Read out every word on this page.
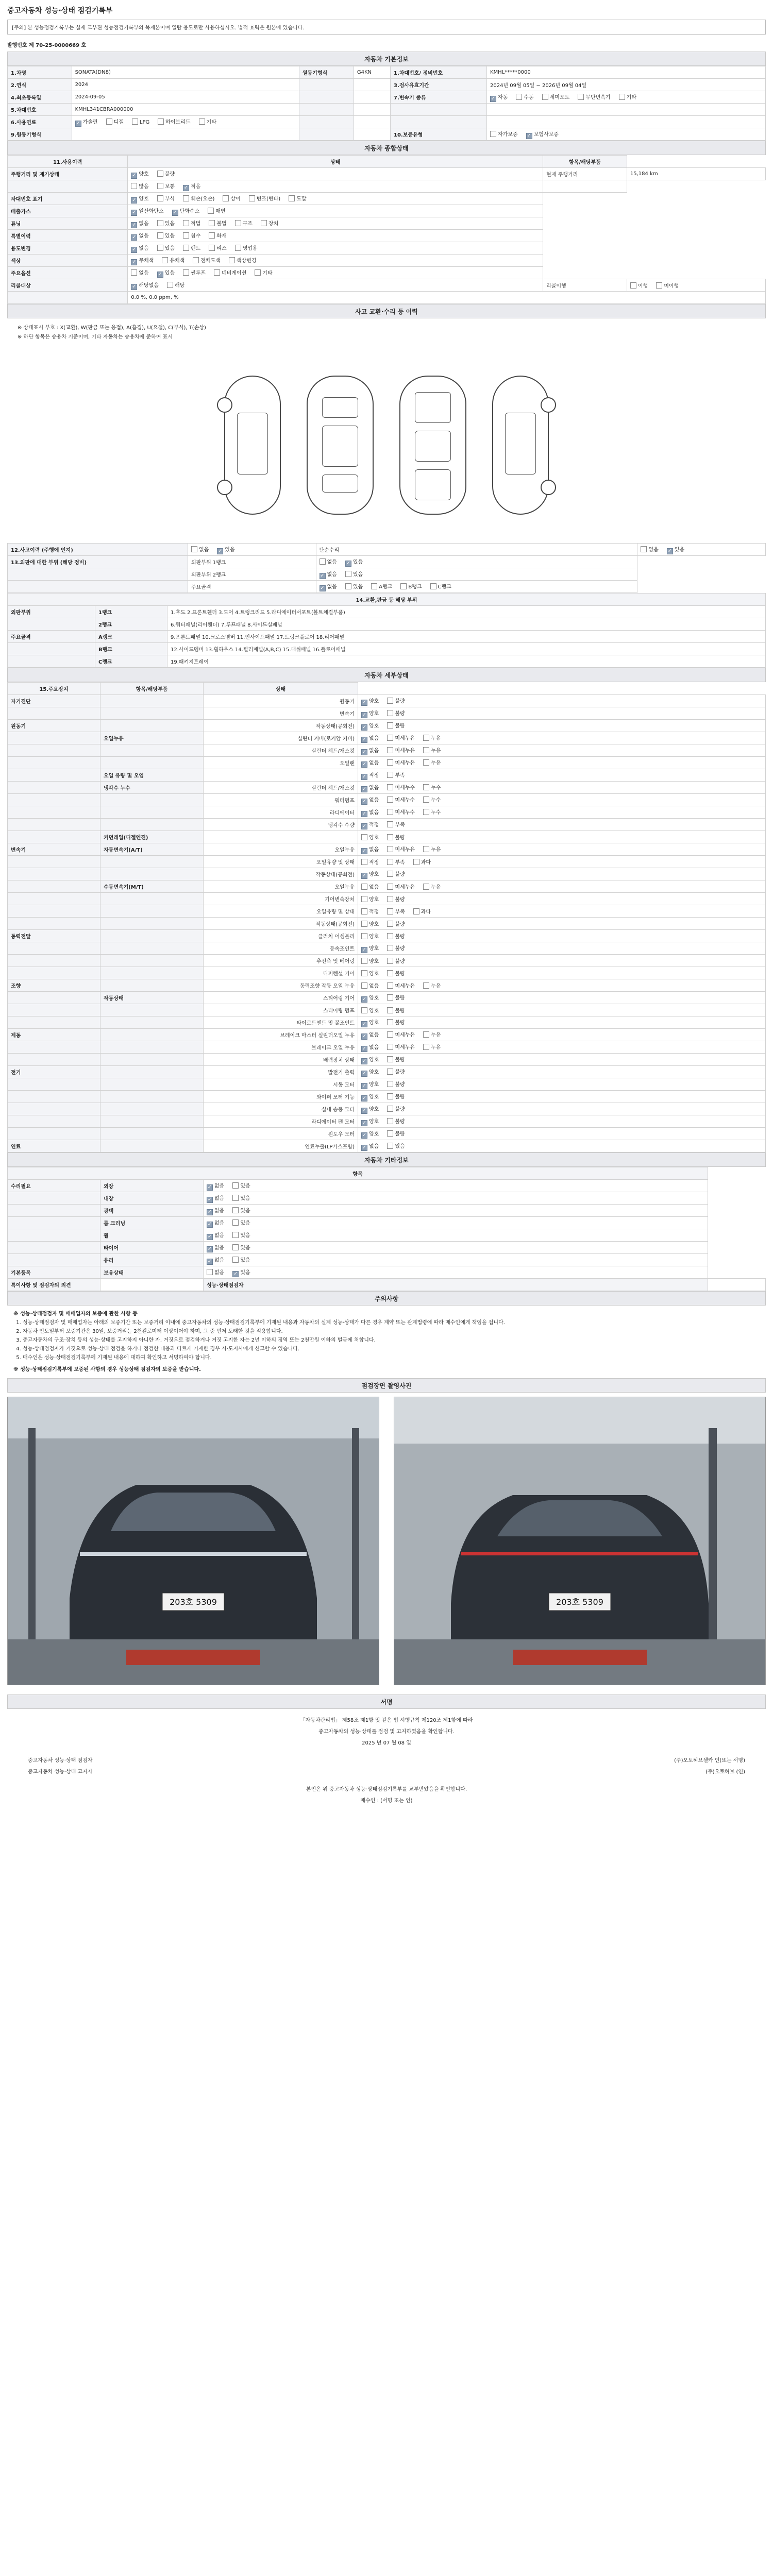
중고자동차 성능·상태 점검기록부
[주의] 본 성능점검기록부는 실제 교부된 성능점검기록부의 복제본이며 열람 용도로만 사용하십시오. 법적 효력은 원본에 있습니다.
발행번호 제 70-25-0000669 호
자동차 기본정보
1.차명	SONATA(DN8)	원동기형식	G4KN	1.차대번호/ 정비번호	KMHL*****0000
2.연식	2024			3.검사유효기간	2024년 09월 05일 ~ 2026년 09월 04일
4.최초등록일	2024-09-05			7.변속기 종류	✓ 자동 수동 세미오토 무단변속기 기타
5.차대번호	KMHL341CBRA000000				
6.사용연료	✓ 가솔린 디젤 LPG 하이브리드 기타				
9.원동기형식				10.보증유형	자가보증 ✓ 보험사보증
자동차 종합상태
11.사용이력	상태	항목/해당부품	
주행거리 및 계기상태	✓ 양호 불량	현재 주행거리	15,184 km
	많음 보통 ✓ 적음		
차대번호 표기	✓ 양호 부식 훼손(오손) 상이 변조(변타) 도말		
배출가스	✓ 일산화탄소 ✓ 탄화수소 매연		
튜닝	✓ 없음 있음 적법 불법 구조 장치		
특별이력	✓ 없음 있음 침수 화재		
용도변경	✓ 없음 있음 렌트 리스 영업용		
색상	✓ 무채색 유채색 전체도색 색상변경		
주요옵션	없음 ✓ 있음 썬루프 네비게이션 기타		
리콜대상	✓ 해당없음 해당	리콜이행	이행 미이행
	0.0 %, 0.0 ppm, %		
사고 교환·수리 등 이력
※ 상태표시 부호 : X(교환), W(판금 또는 용접), A(흠집), U(요철), C(부식), T(손상)
※ 하단 항목은 승용차 기준이며, 기타 자동차는 승용차에 준하여 표시
12.사고이력 (주행에 인지)	없음 ✓ 있음	단순수리	없음 ✓ 있음
13.외판에 대한 부위 (해당 정비)	외판부위 1랭크	없음 ✓ 있음	
	외판부위 2랭크	✓ 없음 있음	
	주요골격	✓ 없음 있음 A랭크 B랭크 C랭크	
14.교환,판금 등 해당 부위		
외판부위	1랭크	1.후드 2.프론트휀더 3.도어 4.트렁크리드 5.라디에이터서포트(볼트체결부품)
	2랭크	6.쿼터패널(리어휀더) 7.루프패널 8.사이드실패널
주요골격	A랭크	9.프론트패널 10.크로스멤버 11.인사이드패널 17.트렁크플로어 18.리어패널
	B랭크	12.사이드멤버 13.휠하우스 14.필러패널(A,B,C) 15.대쉬패널 16.플로어패널
	C랭크	19.패키지트레이
자동차 세부상태
15.주요장치	항목/해당부품	상태	
자기진단		원동기	✓ 양호 불량
		변속기	✓ 양호 불량
원동기		작동상태(공회전)	✓ 양호 불량
	오일누유	실린더 커버(로커암 커버)	✓ 없음 미세누유 누유
		실린더 헤드/개스킷	✓ 없음 미세누유 누유
		오일팬	✓ 없음 미세누유 누유
	오일 유량 및 오염		✓ 적정 부족
	냉각수 누수	실린더 헤드/개스킷	✓ 없음 미세누수 누수
		워터펌프	✓ 없음 미세누수 누수
		라디에이터	✓ 없음 미세누수 누수
		냉각수 수량	✓ 적정 부족
	커먼레일(디젤엔진)		양호 불량
변속기	자동변속기(A/T)	오일누유	✓ 없음 미세누유 누유
		오일유량 및 상태	적정 부족 과다
		작동상태(공회전)	✓ 양호 불량
	수동변속기(M/T)	오일누유	없음 미세누유 누유
		기어변속장치	양호 불량
		오일유량 및 상태	적정 부족 과다
		작동상태(공회전)	양호 불량
동력전달		클러치 어셈블리	양호 불량
		등속조인트	✓ 양호 불량
		추진축 및 베어링	양호 불량
		디퍼렌셜 기어	양호 불량
조향		동력조향 작동 오일 누유	없음 미세누유 누유
	작동상태	스티어링 기어	✓ 양호 불량
		스티어링 펌프	양호 불량
		타이로드엔드 및 볼조인트	✓ 양호 불량
제동		브레이크 마스터 실린더오일 누유	✓ 없음 미세누유 누유
		브레이크 오일 누유	✓ 없음 미세누유 누유
		배력장치 상태	✓ 양호 불량
전기		발전기 출력	✓ 양호 불량
		시동 모터	✓ 양호 불량
		와이퍼 모터 기능	✓ 양호 불량
		실내 송풍 모터	✓ 양호 불량
		라디에이터 팬 모터	✓ 양호 불량
		윈도우 모터	✓ 양호 불량
연료		연료누출(LP가스포함)	✓ 없음 있음
자동차 기타정보
항목			
수리필요	외장	✓ 없음 있음	
	내장	✓ 없음 있음	
	광택	✓ 없음 있음	
	룸 크리닝	✓ 없음 있음	
	휠	✓ 없음 있음	
	타이어	✓ 없음 있음	
	유리	✓ 없음 있음	
기본품목	보유상태	없음 ✓ 있음	
특이사항 및 점검자의 의견		성능·상태점검자	
주의사항
※ 성능·상태점검자 및 매매업자의 보증에 관한 사항 등
1. 성능·상태점검자 및 매매업자는 아래의 보증기간 또는 보증거리 이내에 중고자동차의 성능·상태점검기록부에 기재된 내용과 자동차의 실제 성능·상태가 다른 경우 계약 또는 관계법령에 따라 매수인에게 책임을 집니다.
2. 자동차 인도일부터 보증기간은 30일, 보증거리는 2천킬로미터 이상이어야 하며, 그 중 먼저 도래한 것을 적용합니다.
3. 중고자동차의 구조·장치 등의 성능·상태를 고지하지 아니한 자, 거짓으로 점검하거나 거짓 고지한 자는 2년 이하의 징역 또는 2천만원 이하의 벌금에 처합니다.
4. 성능·상태점검자가 거짓으로 성능·상태 점검을 하거나 점검한 내용과 다르게 기재한 경우 시·도지사에게 신고할 수 있습니다.
5. 매수인은 성능·상태점검기록부에 기재된 내용에 대하여 확인하고 서명하여야 합니다.
※ 성능·상태점검기록부에 보증된 사항의 경우 성능상태 점검자의 보증을 받습니다.
점검장면 촬영사진
203호 5309	203호 5309
서명
「자동차관리법」 제58조 제1항 및 같은 법 시행규칙 제120조 제1항에 따라
중고자동차의 성능·상태를 점검 및 고지하였음을 확인합니다.
2025 년 07 월 08 일
중고자동차 성능·상태 점검자	(주)오토허브셀카 인(또는 서명)
중고자동차 성능·상태 고지자	(주)오토허브 (인)
본인은 위 중고자동차 성능·상태점검기록부를 교부받았음을 확인합니다.
매수인 : (서명 또는 인)
